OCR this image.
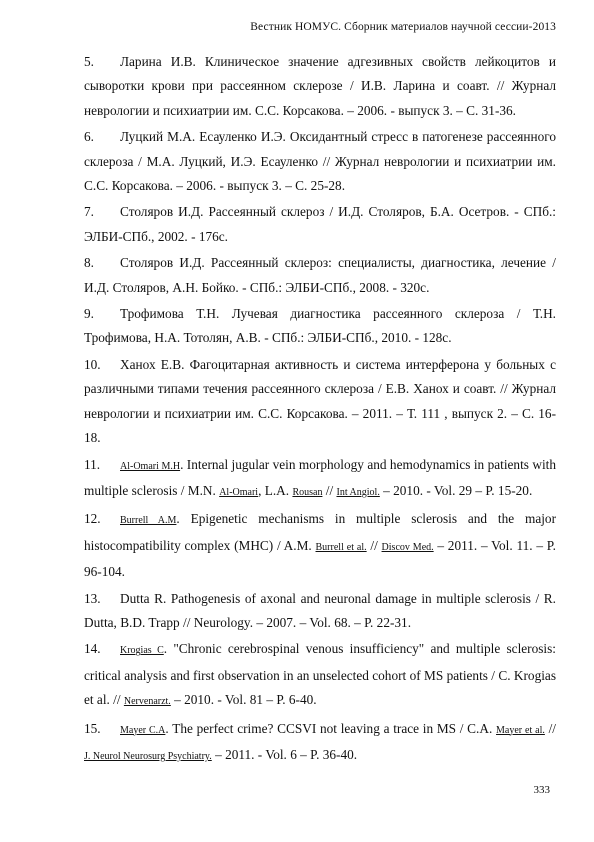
Вестник НОМУС. Сборник материалов научной сессии-2013

5. Ларина И.В. Клиническое значение адгезивных свойств лейкоцитов и сыворотки крови при рассеянном склерозе / И.В. Ларина и соавт. // Журнал неврологии и психиатрии им. С.С. Корсакова. – 2006. - выпуск 3. – С. 31-36.

6. Луцкий М.А. Есауленко И.Э. Оксидантный стресс в патогенезе рассеянного склероза / М.А. Луцкий, И.Э. Есауленко // Журнал неврологии и психиатрии им. С.С. Корсакова. – 2006. - выпуск 3. – С. 25-28.

7. Столяров И.Д. Рассеянный склероз / И.Д. Столяров, Б.А. Осетров. - СПб.: ЭЛБИ-СПб., 2002. - 176с.

8. Столяров И.Д. Рассеянный склероз: специалисты, диагностика, лечение / И.Д. Столяров, А.Н. Бойко. - СПб.: ЭЛБИ-СПб., 2008. - 320с.

9. Трофимова Т.Н. Лучевая диагностика рассеянного склероза / Т.Н. Трофимова, Н.А. Тотолян, А.В. - СПб.: ЭЛБИ-СПб., 2010. - 128с.

10. Ханох Е.В. Фагоцитарная активность и система интерферона у больных с различными типами течения рассеянного склероза / Е.В. Ханох и соавт. // Журнал неврологии и психиатрии им. С.С. Корсакова. – 2011. – Т. 111 , выпуск 2. – С. 16-18.

11. Al-Omari M.H. Internal jugular vein morphology and hemodynamics in patients with multiple sclerosis / M.N. Al-Omari, L.A. Rousan // Int Angiol. – 2010. - Vol. 29 – P. 15-20.

12. Burrell A.M. Epigenetic mechanisms in multiple sclerosis and the major histocompatibility complex (MHC) / A.M. Burrell et al. // Discov Med. – 2011. – Vol. 11. – P. 96-104.

13. Dutta R. Pathogenesis of axonal and neuronal damage in multiple sclerosis / R. Dutta, B.D. Trapp // Neurology. – 2007. – Vol. 68. – P. 22-31.

14. Krogias C. "Chronic cerebrospinal venous insufficiency" and multiple sclerosis: critical analysis and first observation in an unselected cohort of MS patients / C. Krogias et al. // Nervenarzt. – 2010. - Vol. 81 – P. 6-40.

15. Mayer C.A. The perfect crime? CCSVI not leaving a trace in MS / C.A. Mayer et al. // J. Neurol Neurosurg Psychiatry. – 2011. - Vol. 6 – P. 36-40.

333
